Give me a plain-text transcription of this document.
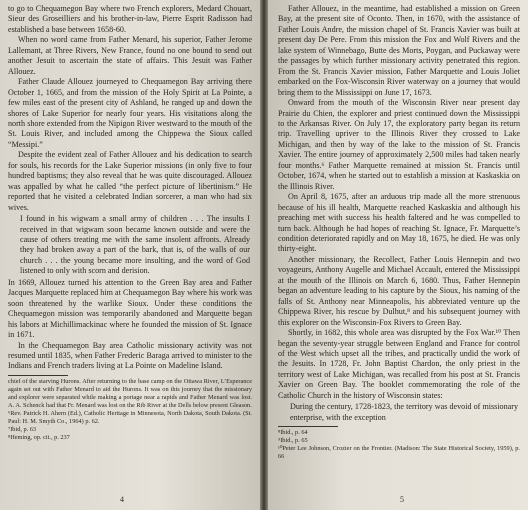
to go to Chequamegon Bay where two French explorers, Medard Chouart, Sieur des Groseilliers and his brother-in-law, Pierre Esprit Radisson had established a base between 1658-60.

When no word came from Father Menard, his superior, Father Jerome Lallemant, at Three Rivers, New France, found no one bound to send out another Jesuit to ascertain the state of affairs. This Jesuit was Father Allouez.

Father Claude Allouez journeyed to Chequamegon Bay arriving there October 1, 1665, and from the mission of the Holy Spirit at La Pointe, a few miles east of the present city of Ashland, he ranged up and down the shores of Lake Superior for nearly four years. His visitations along the north shore extended from the Nipigon River westward to the mouth of the St. Louis River, and included among the Chippewa the Sioux called “Messipi.”

Despite the evident zeal of Father Allouez and his dedication to search for souls, his records for the Lake Superior missions (in only five to four hundred baptisms; they also reveal that he was quite discouraged. Allouez was appalled by what he called “the perfect picture of libertinism.” He reported that he visited a celebrated Indian sorcerer, a man who had six wives.

I found in his wigwam a small army of children . . . The insults I received in that wigwam soon became known outside and were the cause of others treating me with the same insolent affronts. Already they had broken away a part of the bark, that is, of the walls of our church . . . the young became more insulting, and the word of God listened to only with scorn and derision.

In 1669, Allouez turned his attention to the Green Bay area and Father Jacques Marquette replaced him at Chequamegon Bay where his work was soon threatened by the warlike Sioux. Under these conditions the Chequamegon mission was temporarily abandoned and Marquette began his labors at Michillimackinac where he founded the mission of St. Ignace in 1671.

In the Chequamegon Bay area Catholic missionary activity was not resumed until 1835, when Father Frederic Baraga arrived to minister to the Indians and French traders living at La Pointe on Madeline Island.

chief of the starving Hurons. After returning to the base camp on the Ottawa River, L’Esperance again set out with Father Menard to aid the Hurons. It was on this journey that the missionary and explorer were separated while making a portage near a rapids and Father Menard was lost. A. A. Schenck had that Fr. Menard was lost on the Rib River at the Dells below present Gleason.

⁶Rev. Patrick H. Ahern (Ed.), Catholic Heritage in Minnesota, North Dakota, South Dakota. (St. Paul: H. M. Smyth Co., 1964) p. 62.

⁷Ibid, p. 63

⁸Heming, op. cit., p. 237

4

Father Allouez, in the meantime, had established a mission on Green Bay, at the present site of Oconto. Then, in 1670, with the assistance of Father Louis Andre, the mission chapel of St. Francis Xavier was built at present day De Pere. From this mission the Fox and Wolf Rivers and the lake system of Winnebago, Butte des Morts, Poygan, and Puckaway were the passages by which further missionary activity penetrated this region. From the St. Francis Xavier mission, Father Marquette and Louis Joliet embarked on the Fox-Wisconsin River waterway on a journey that would bring them to the Mississippi on June 17, 1673.

Onward from the mouth of the Wisconsin River near present day Prairie du Chien, the explorer and priest continued down the Mississippi to the Arkansas River. On July 17, the exploratory party began its return trip. Travelling upriver to the Illinois River they crossed to Lake Michigan, and then by way of the lake to the mission of St. Francis Xavier. The entire journey of approximately 2,500 miles had taken nearly four months.⁶ Father Marquette remained at mission St. Francis until October, 1674, when he started out to establish a mission at Kaskaskia on the Illinois River.

On April 8, 1675, after an arduous trip made all the more strenuous because of his ill health, Marquette reached Kaskaskia and although his preaching met with success his health faltered and he was compelled to turn back. Although he had hopes of reaching St. Ignace, Fr. Marquette’s condition deteriorated rapidly and on May 18, 1675, he died. He was only thirty-eight.

Another missionary, the Recollect, Father Louis Hennepin and two voyageurs, Anthony Augelle and Michael Accault, entered the Mississippi at the mouth of the Illinois on March 6, 1680. Thus, Father Hennepin began an adventure leading to his capture by the Sioux, his naming of the falls of St. Anthony near Minneapolis, his abbreviated venture up the Chippewa River, his rescue by Dulhut,⁸ and his subsequent journey with this explorer on the Wisconsin-Fox Rivers to Green Bay.

Shortly, in 1682, this whole area was disrupted by the Fox War.¹⁰ Then began the seventy-year struggle between England and France for control of the West which upset all the tribes, and practically undid the work of the Jesuits. In 1728, Fr. John Baptist Chardon, the only priest in the territory west of Lake Michigan, was recalled from his post at St. Francis Xavier on Green Bay. The booklet commemorating the role of the Catholic Church in the history of Wisconsin states:

During the century, 1728-1823, the territory was devoid of missionary enterprise, with the exception

⁸Ibid., p. 64

⁹Ibid., p. 65

¹⁰Peter Lee Johnson, Crozier on the Frontier. (Madison: The State Historical Society, 1959), p. 66

5
